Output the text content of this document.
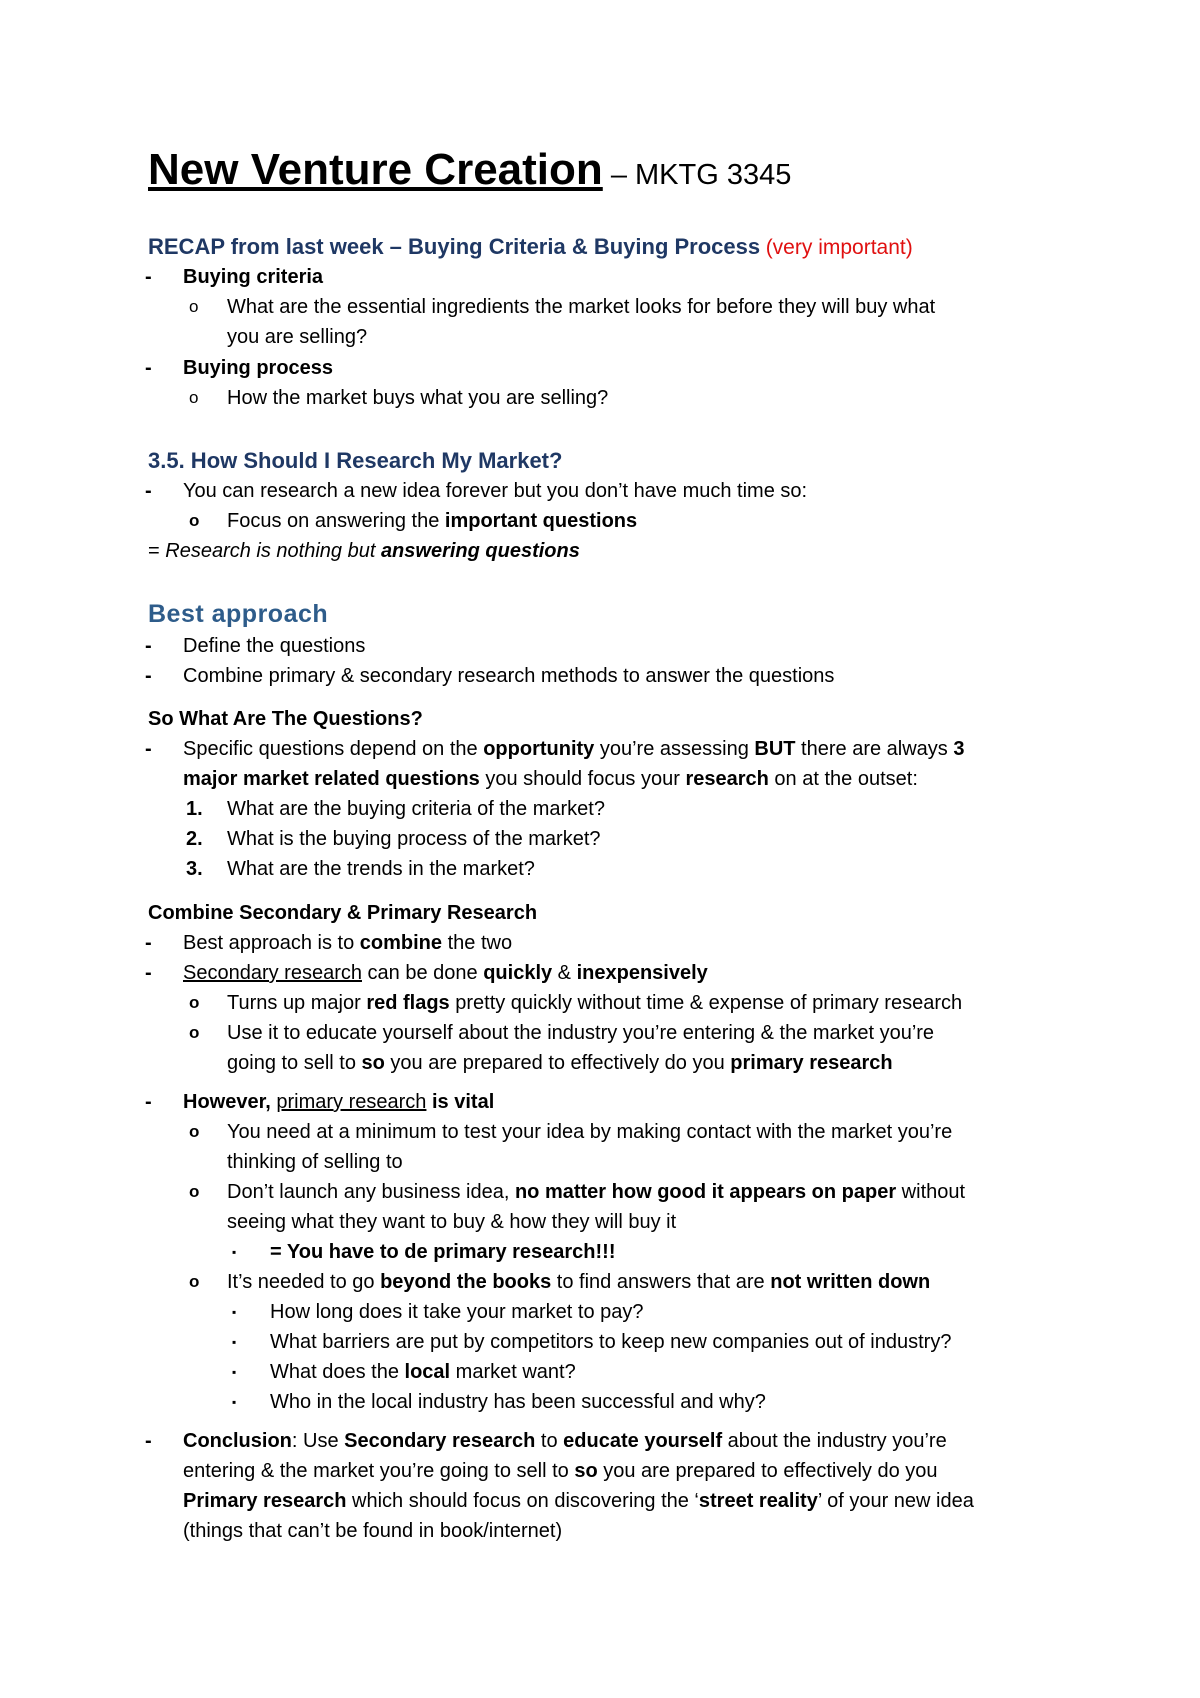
New Venture Creation – MKTG 3345
RECAP from last week – Buying Criteria & Buying Process (very important)
- Buying criteria
o What are the essential ingredients the market looks for before they will buy what
you are selling?
- Buying process
o How the market buys what you are selling?
3.5. How Should I Research My Market?
- You can research a new idea forever but you don’t have much time so:
o Focus on answering the important questions
= Research is nothing but answering questions
Best approach
- Define the questions
- Combine primary & secondary research methods to answer the questions
So What Are The Questions?
- Specific questions depend on the opportunity you’re assessing BUT there are always 3
major market related questions you should focus your research on at the outset:
1. What are the buying criteria of the market?
2. What is the buying process of the market?
3. What are the trends in the market?
Combine Secondary & Primary Research
- Best approach is to combine the two
- Secondary research can be done quickly & inexpensively
o Turns up major red flags pretty quickly without time & expense of primary research
o Use it to educate yourself about the industry you’re entering & the market you’re
going to sell to so you are prepared to effectively do you primary research
- However, primary research is vital
o You need at a minimum to test your idea by making contact with the market you’re
thinking of selling to
o Don’t launch any business idea, no matter how good it appears on paper without
seeing what they want to buy & how they will buy it
▪ = You have to de primary research!!!
o It’s needed to go beyond the books to find answers that are not written down
▪ How long does it take your market to pay?
▪ What barriers are put by competitors to keep new companies out of industry?
▪ What does the local market want?
▪ Who in the local industry has been successful and why?
- Conclusion: Use Secondary research to educate yourself about the industry you’re
entering & the market you’re going to sell to so you are prepared to effectively do you
Primary research which should focus on discovering the ‘street reality’ of your new idea
(things that can’t be found in book/internet)
